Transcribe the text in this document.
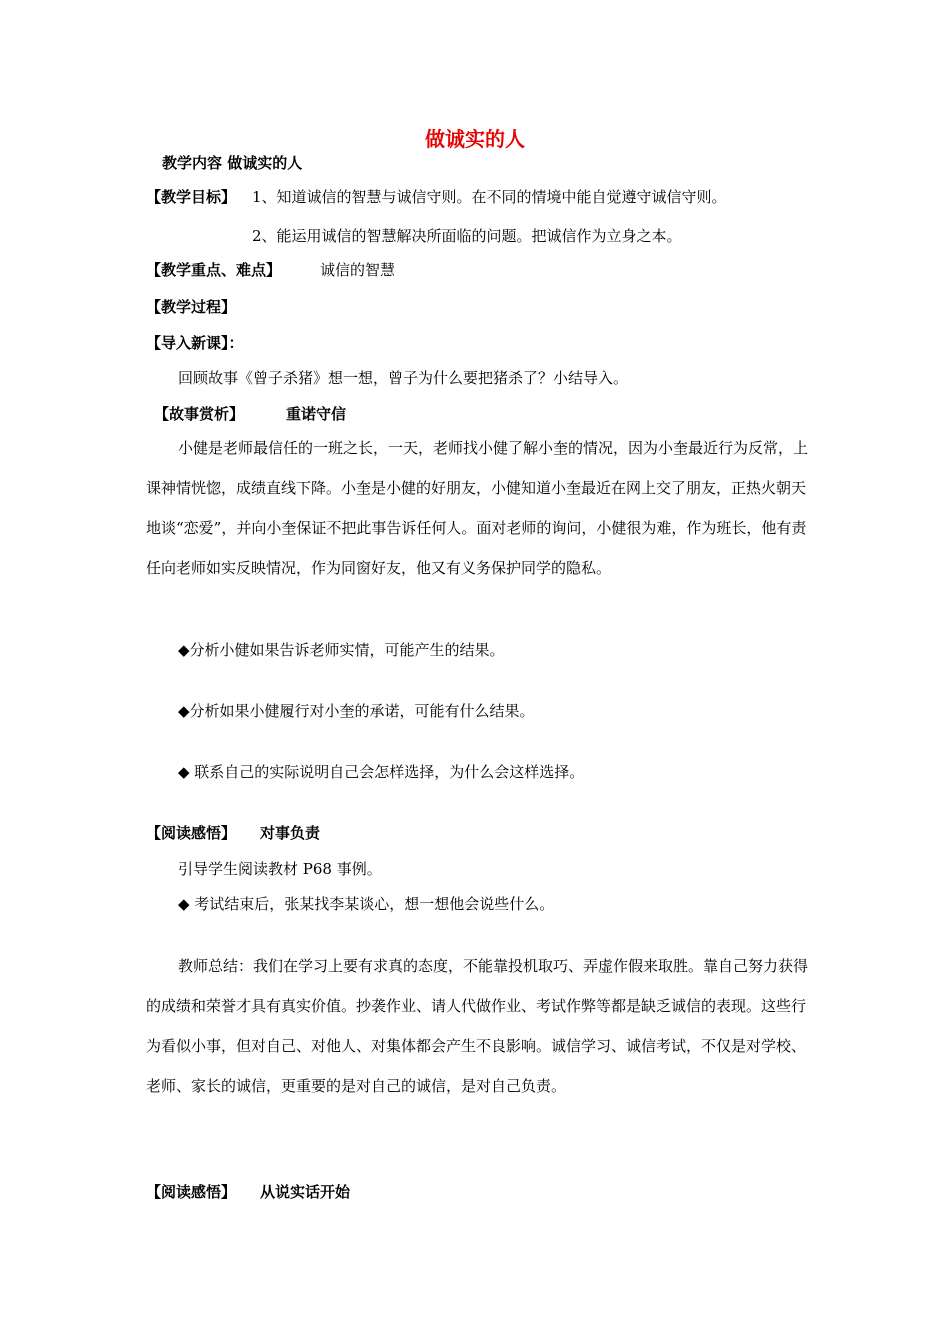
做诚实的人
教学内容 做诚实的人
【教学目标】 1、知道诚信的智慧与诚信守则。在不同的情境中能自觉遵守诚信守则。
2、能运用诚信的智慧解决所面临的问题。把诚信作为立身之本。
【教学重点、难点】	诚信的智慧
【教学过程】
【导入新课】：
回顾故事《曾子杀猪》想一想，曾子为什么要把猪杀了？小结导入。
【故事赏析】	重诺守信
小健是老师最信任的一班之长，一天，老师找小健了解小奎的情况，因为小奎最近行为反常，上课神情恍惚，成绩直线下降。小奎是小健的好朋友，小健知道小奎最近在网上交了朋友，正热火朝天地谈“恋爱”，并向小奎保证不把此事告诉任何人。面对老师的询问，小健很为难，作为班长，他有责任向老师如实反映情况，作为同窗好友，他又有义务保护同学的隐私。
◆分析小健如果告诉老师实情，可能产生的结果。
◆分析如果小健履行对小奎的承诺，可能有什么结果。
◆ 联系自己的实际说明自己会怎样选择，为什么会这样选择。
【阅读感悟】 对事负责
引导学生阅读教材 P68 事例。
◆ 考试结束后，张某找李某谈心，想一想他会说些什么。
教师总结：我们在学习上要有求真的态度，不能靠投机取巧、弄虚作假来取胜。靠自己努力获得的成绩和荣誉才具有真实价值。抄袭作业、请人代做作业、考试作弊等都是缺乏诚信的表现。这些行为看似小事，但对自己、对他人、对集体都会产生不良影响。诚信学习、诚信考试，不仅是对学校、老师、家长的诚信，更重要的是对自己的诚信，是对自己负责。
【阅读感悟】 从说实话开始
